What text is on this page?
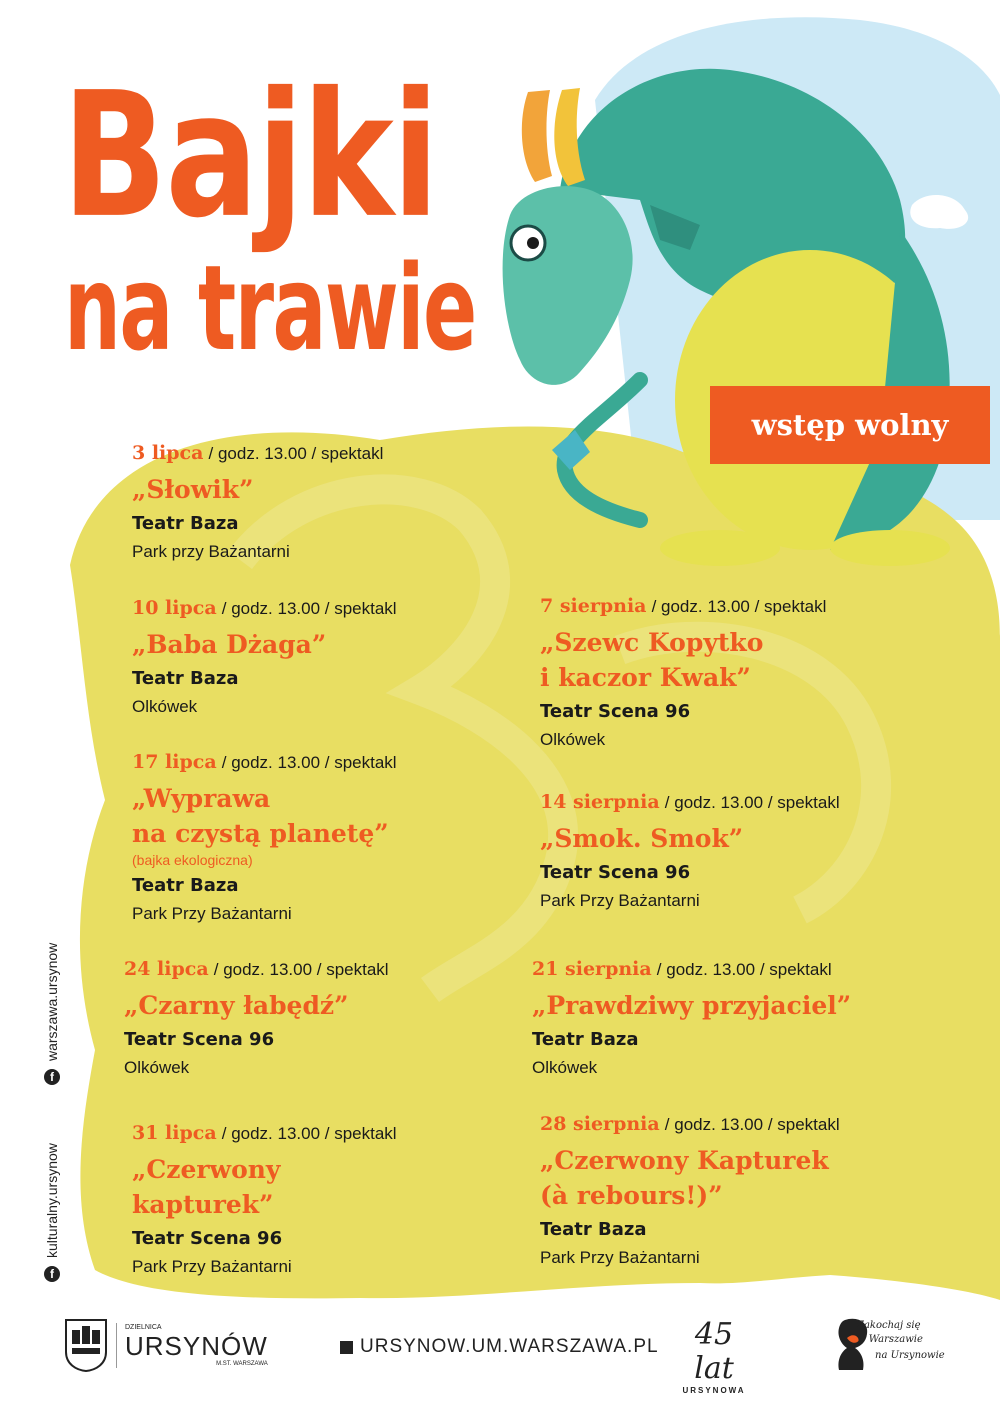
Bajki
na trawie
wstęp wolny

3 lipca / godz. 13.00 / spektakl

„Słowik”

Teatr Baza

Park przy Bażantarni

10 lipca / godz. 13.00 / spektakl

„Baba Dżaga”

Teatr Baza

Olkówek

17 lipca / godz. 13.00 / spektakl

„Wyprawa

na czystą planetę”

(bajka ekologiczna)

Teatr Baza

Park Przy Bażantarni

24 lipca / godz. 13.00 / spektakl

„Czarny łabędź”

Teatr Scena 96

Olkówek

31 lipca / godz. 13.00 / spektakl

„Czerwony

kapturek”

Teatr Scena 96

Park Przy Bażantarni

7 sierpnia / godz. 13.00 / spektakl

„Szewc Kopytko

i kaczor Kwak”

Teatr Scena 96

Olkówek

14 sierpnia / godz. 13.00 / spektakl

„Smok. Smok”

Teatr Scena 96

Park Przy Bażantarni

21 sierpnia / godz. 13.00 / spektakl

„Prawdziwy przyjaciel”

Teatr Baza

Olkówek

28 sierpnia / godz. 13.00 / spektakl

„Czerwony Kapturek

(à rebours!)”

Teatr Baza

Park Przy Bażantarni

f
warszawa.ursynow
f
kulturalny.ursynow
DZIELNICA
URSYNÓW
M.ST. WARSZAWA
URSYNOW.UM.WARSZAWA.PL	45 lat
URSYNOWA
Zakochaj się
w Warszawie
na Ursynowie
